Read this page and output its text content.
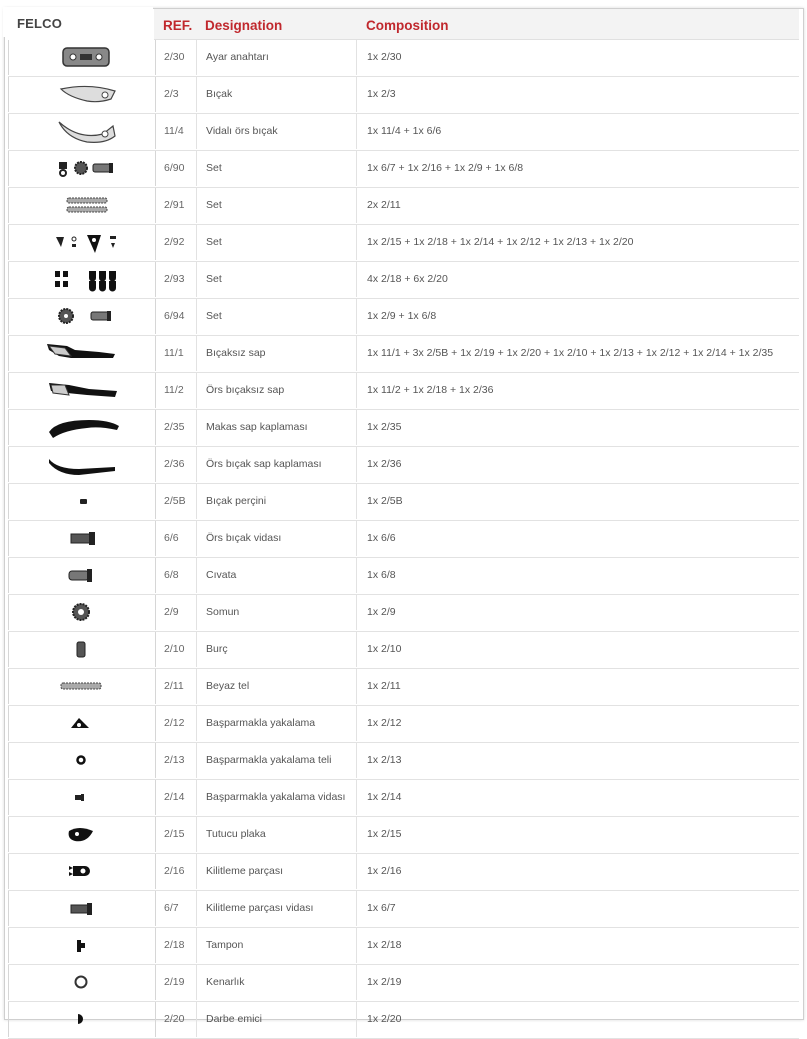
FELCO	REF. Designation	Composition
2/30 Ayar anahtarı	1x 2/30
2/3	Bıçak	1x 2/3
11/4 Vidalı örs bıçak	1x 11/4 + 1x 6/6
6/90 Set	1x 6/7 + 1x 2/16 + 1x 2/9 + 1x 6/8
2/91 Set	2x 2/11
2/92 Set	1x 2/15 + 1x 2/18 + 1x 2/14 + 1x 2/12 + 1x 2/13 + 1x 2/20
2/93 Set	4x 2/18 + 6x 2/20
6/94 Set	1x 2/9 + 1x 6/8
11/1 Bıçaksız sap	1x 11/1 + 3x 2/5B + 1x 2/19 + 1x 2/20 + 1x 2/10 + 1x 2/13 + 1x 2/12 + 1x 2/14 + 1x 2/35
11/2 Örs bıçaksız sap	1x 11/2 + 1x 2/18 + 1x 2/36
2/35 Makas sap kaplaması	1x 2/35
2/36 Örs bıçak sap kaplaması	1x 2/36
2/5B Bıçak perçini	1x 2/5B
6/6	Örs bıçak vidası	1x 6/6
6/8	Cıvata	1x 6/8
2/9	Somun	1x 2/9
2/10 Burç	1x 2/10
2/11 Beyaz tel	1x 2/11
2/12 Başparmakla yakalama	1x 2/12
2/13 Başparmakla yakalama teli	1x 2/13
2/14 Başparmakla yakalama vidası 1x 2/14
2/15 Tutucu plaka	1x 2/15
2/16 Kilitleme parçası	1x 2/16
6/7	Kilitleme parçası vidası	1x 6/7
2/18 Tampon	1x 2/18
2/19 Kenarlık	1x 2/19
2/20 Darbe emici	1x 2/20
